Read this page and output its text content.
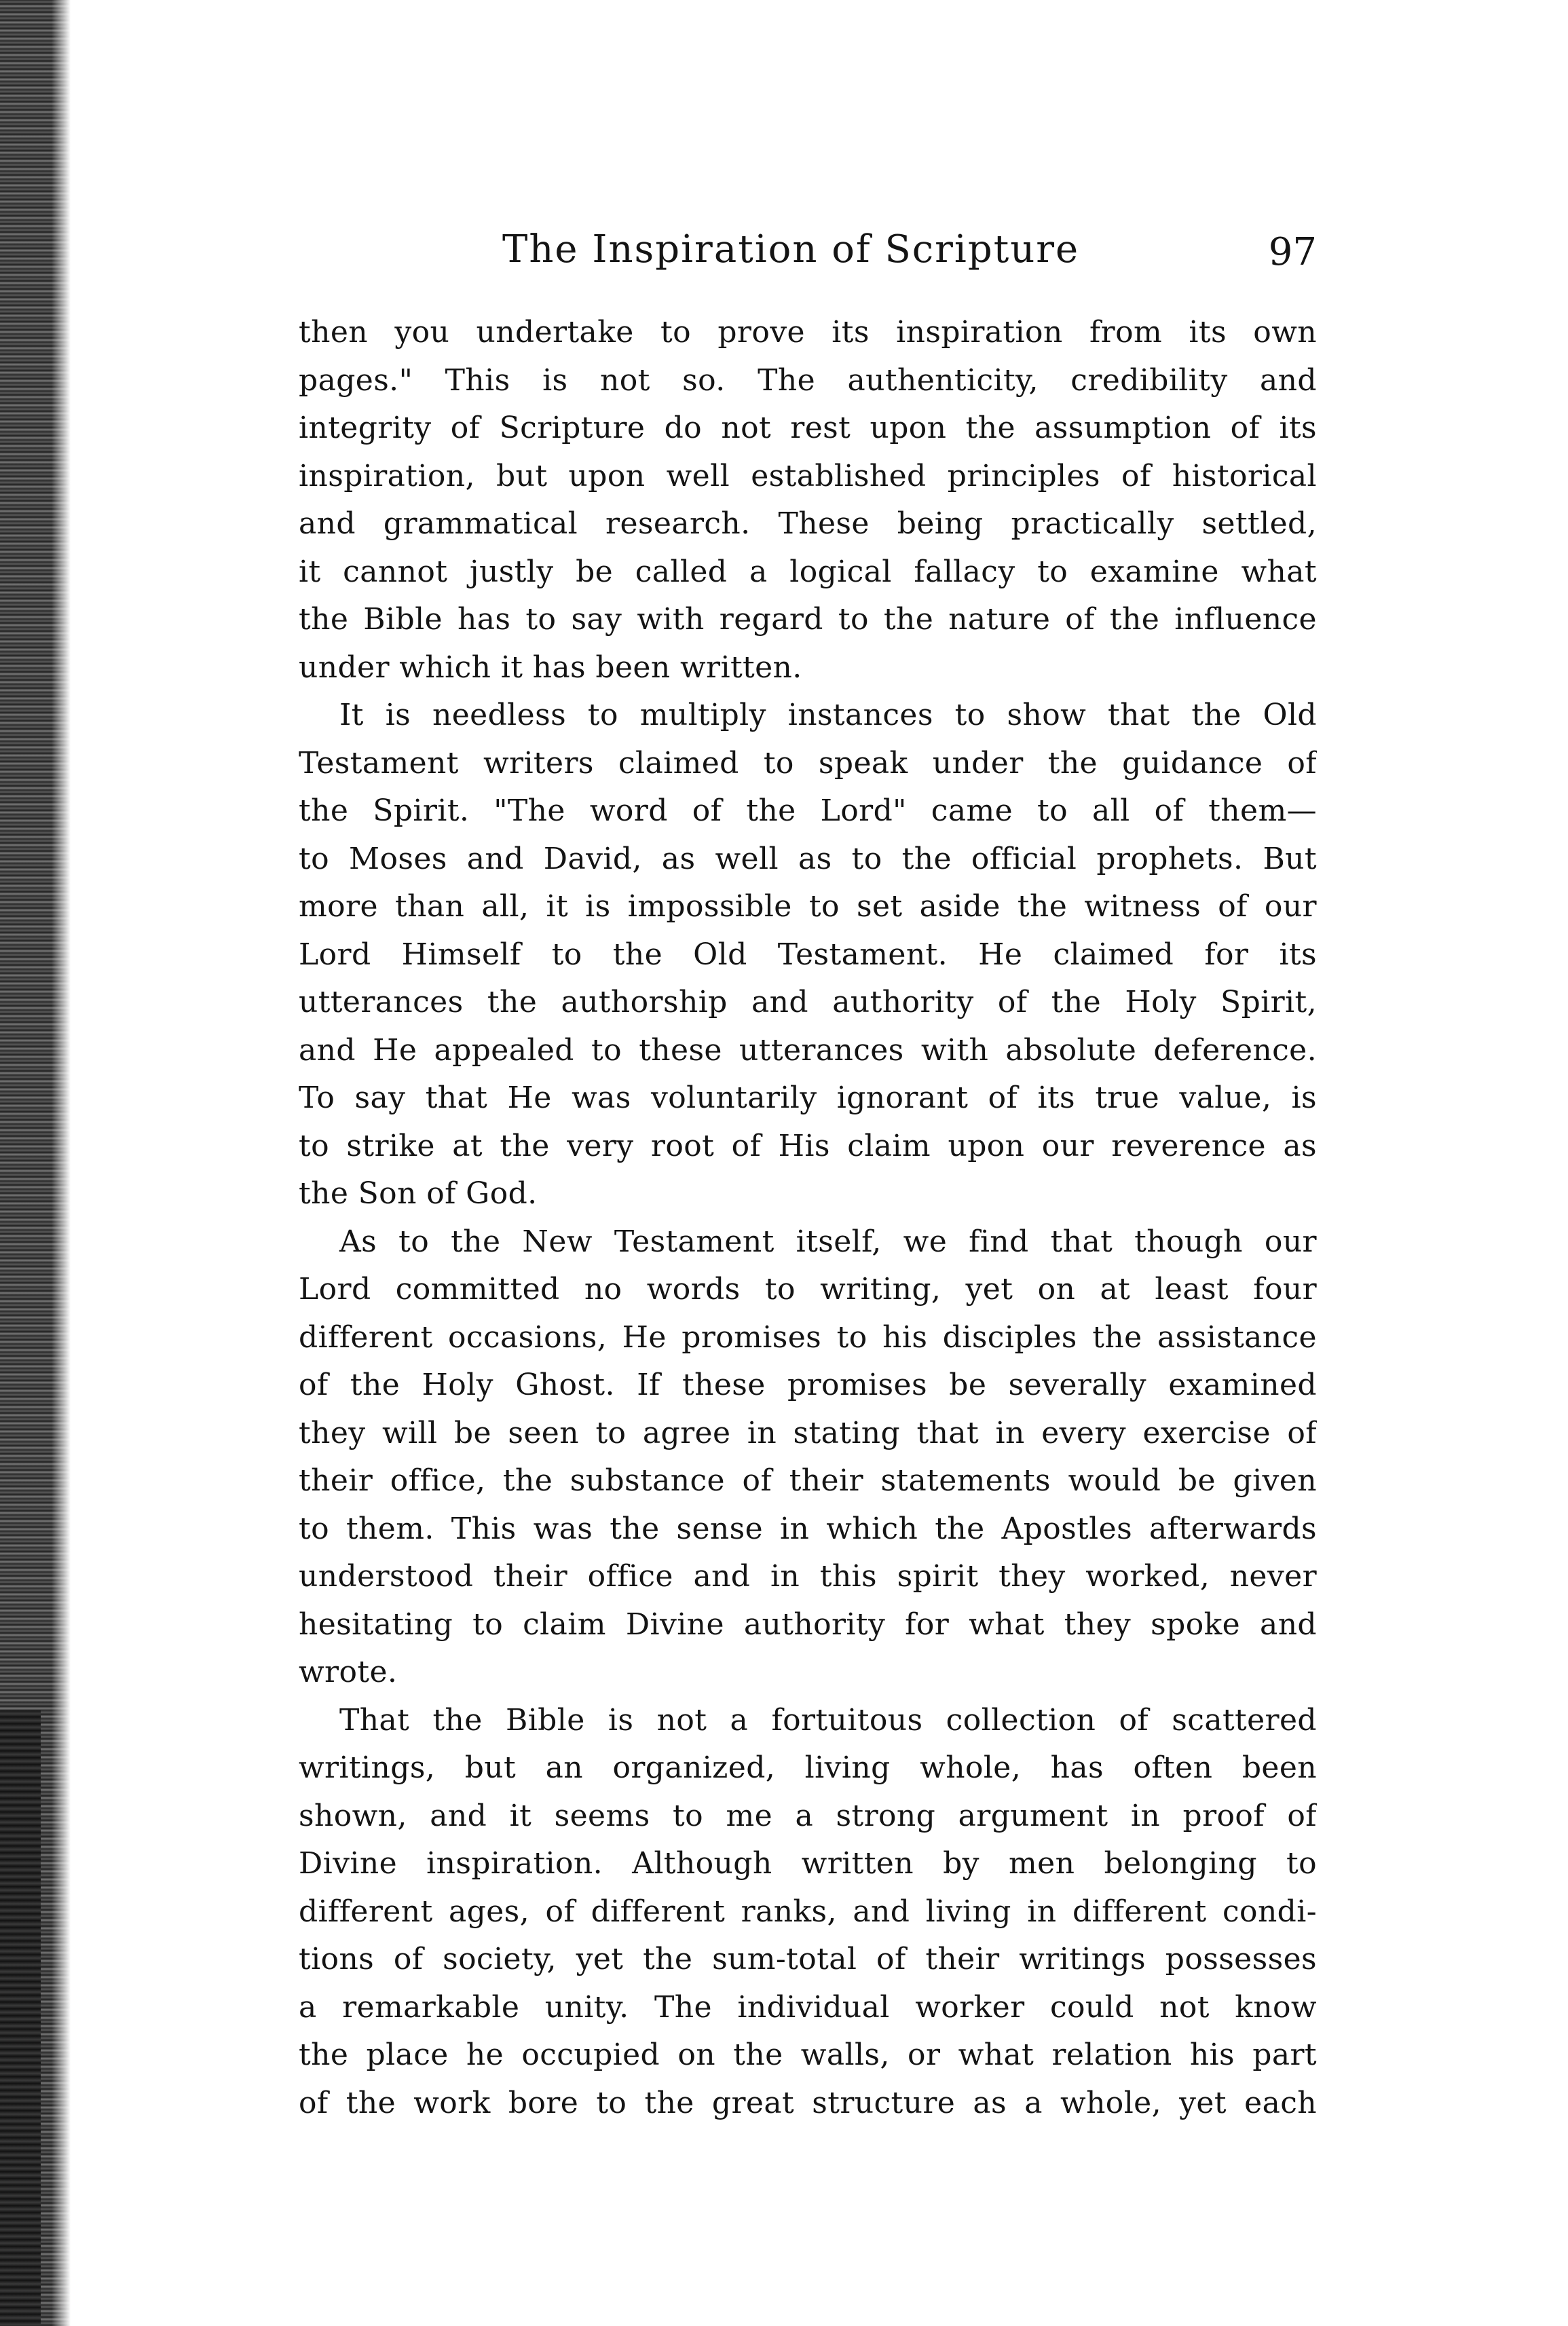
The Inspiration of Scripture	97
then you undertake to prove its inspiration from its own
pages." This is not so. The authenticity, credibility and
integrity of Scripture do not rest upon the assumption of its
inspiration, but upon well established principles of historical
and grammatical research. These being practically settled,
it cannot justly be called a logical fallacy to examine what
the Bible has to say with regard to the nature of the influence
under which it has been written.
It is needless to multiply instances to show that the Old
Testament writers claimed to speak under the guidance of
the Spirit. "The word of the Lord" came to all of them—
to Moses and David, as well as to the official prophets. But
more than all, it is impossible to set aside the witness of our
Lord Himself to the Old Testament. He claimed for its
utterances the authorship and authority of the Holy Spirit,
and He appealed to these utterances with absolute deference.
To say that He was voluntarily ignorant of its true value, is
to strike at the very root of His claim upon our reverence as
the Son of God.
As to the New Testament itself, we find that though our
Lord committed no words to writing, yet on at least four
different occasions, He promises to his disciples the assistance
of the Holy Ghost. If these promises be severally examined
they will be seen to agree in stating that in every exercise of
their office, the substance of their statements would be given
to them. This was the sense in which the Apostles afterwards
understood their office and in this spirit they worked, never
hesitating to claim Divine authority for what they spoke and
wrote.
That the Bible is not a fortuitous collection of scattered
writings, but an organized, living whole, has often been
shown, and it seems to me a strong argument in proof of
Divine inspiration. Although written by men belonging to
different ages, of different ranks, and living in different condi-
tions of society, yet the sum-total of their writings possesses
a remarkable unity. The individual worker could not know
the place he occupied on the walls, or what relation his part
of the work bore to the great structure as a whole, yet each
